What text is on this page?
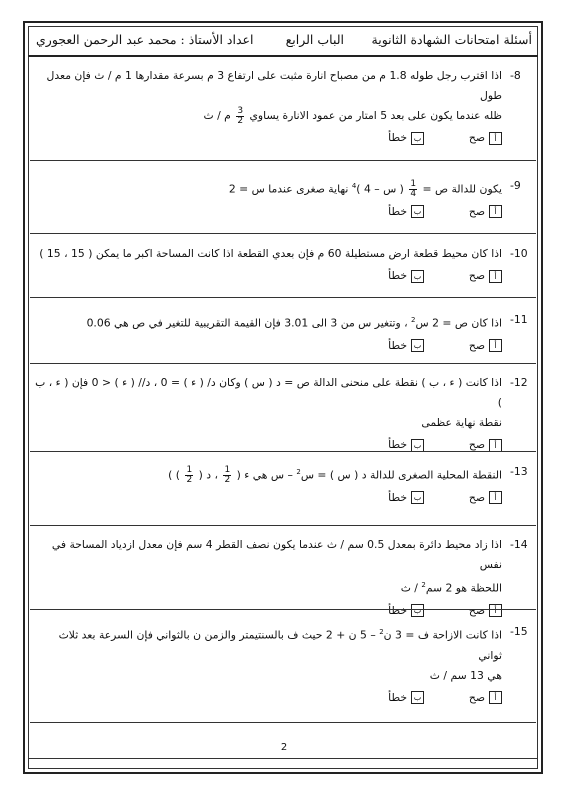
أسئلة امتحانات الشهادة الثانوية
الباب الرابع
اعداد الأستاذ : محمد عبد الرحمن العجوري
-8

اذا اقترب رجل طوله 1.8 م من مصباح انارة مثبت على ارتفاع 3 م بسرعة مقدارها 1 م / ث فإن معدل طول

ظله عندما يكون على بعد 5 امتار من عمود الانارة يساوي
$\frac{3}{2}$
م / ث

أصح
بخطأ
-9

يكون للدالة ص =
$\frac{1}{4}$
( س – 4 )$^4$ نهاية صغرى عندما س = 2

أصح
بخطأ
-10

اذا كان محيط قطعة ارض مستطيلة 60 م فإن بعدي القطعة اذا كانت المساحة اكبر ما يمكن ( 15 ، 15 )

أصح
بخطأ
-11

اذا كان ص = 2 س$^2$ ، وتتغير س من 3 الى 3.01 فإن القيمة التقريبية للتغير في ص هي 0.06

أصح
بخطأ
-12

اذا كانت ( ء ، ب ) نقطة على منحنى الدالة ص = د ( س ) وكان د/ ( ء ) = 0 ، د// ( ء ) < 0 فإن ( ء ، ب )

نقطة نهاية عظمى

أصح
بخطأ
-13

النقطة المحلية الصغرى للدالة د ( س ) = س$^2$ – س هي ء (
$\frac{1}{2}$
، د (
$\frac{1}{2}$
) )

أصح
بخطأ
-14

اذا زاد محيط دائرة بمعدل 0.5 سم / ث عندما يكون نصف القطر 4 سم فإن معدل ازدياد المساحة في نفس

اللحظة هو 2 سم$^2$ / ث

أصح
بخطأ
-15

اذا كانت الازاحة ف = 3 ن$^2$ – 5 ن + 2 حيث ف بالسنتيمتر والزمن ن بالثواني فإن السرعة بعد ثلاث ثواني

هي 13 سم / ث

أصح
بخطأ
2
